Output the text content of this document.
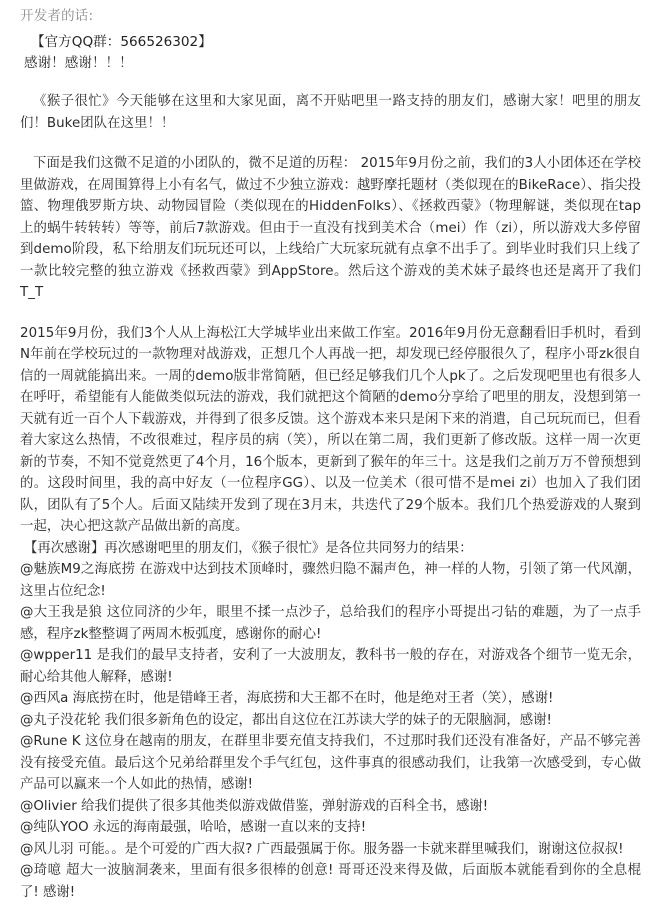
开发者的话:

【官方QQ群：566526302】

感谢！感谢！！！

《猴子很忙》今天能够在这里和大家见面，离不开贴吧里一路支持的朋友们，感谢大家！吧里的朋友们！Buke团队在这里！！

下面是我们这微不足道的小团队的，微不足道的历程： 2015年9月份之前，我们的3人小团体还在学校里做游戏，在周围算得上小有名气，做过不少独立游戏：越野摩托题材（类似现在的BikeRace）、指尖投篮、物理俄罗斯方块、动物园冒险（类似现在的HiddenFolks）、《拯救西蒙》（物理解谜，类似现在tap上的蜗牛转转转）等等，前后7款游戏。但由于一直没有找到美术合（mei）作（zi），所以游戏大多停留到demo阶段，私下给朋友们玩玩还可以，上线给广大玩家玩就有点拿不出手了。到毕业时我们只上线了一款比较完整的独立游戏《拯救西蒙》到AppStore。然后这个游戏的美术妹子最终也还是离开了我们 T_T

2015年9月份，我们3个人从上海松江大学城毕业出来做工作室。2016年9月份无意翻看旧手机时，看到N年前在学校玩过的一款物理对战游戏，正想几个人再战一把，却发现已经停服很久了，程序小哥zk很自信的一周就能搞出来。一周的demo版非常简陋，但已经足够我们几个人pk了。之后发现吧里也有很多人在呼吁，希望能有人能做类似玩法的游戏，我们就把这个简陋的demo分享给了吧里的朋友，没想到第一天就有近一百个人下载游戏，并得到了很多反馈。这个游戏本来只是闲下来的消遣，自己玩玩而已，但看着大家这么热情，不改很难过，程序员的病（笑），所以在第二周，我们更新了修改版。这样一周一次更新的节奏，不知不觉竟然更了4个月，16个版本，更新到了猴年的年三十。这是我们之前万万不曾预想到的。这段时间里，我的高中好友（一位程序GG）、以及一位美术（很可惜不是mei zi）也加入了我们团队，团队有了5个人。后面又陆续开发到了现在3月末，共迭代了29个版本。我们几个热爱游戏的人聚到一起，决心把这款产品做出新的高度。

【再次感谢】再次感谢吧里的朋友们，《猴子很忙》是各位共同努力的结果：

@魅族M9之海底捞 在游戏中达到技术顶峰时，骤然归隐不漏声色，神一样的人物，引领了第一代风潮，这里占位纪念!
@大王我是狼 这位同济的少年，眼里不揉一点沙子，总给我们的程序小哥提出刁钻的难题，为了一点手感，程序zk整整调了两周木板弧度，感谢你的耐心!
@wpper11 是我们的最早支持者，安利了一大波朋友，教科书一般的存在，对游戏各个细节一览无余，耐心给其他人解释，感谢!
@西风a 海底捞在时，他是错峰王者，海底捞和大王都不在时，他是绝对王者（笑），感谢!
@丸子没花轮 我们很多新角色的设定，都出自这位在江苏读大学的妹子的无限脑洞，感谢!
@Rune K 这位身在越南的朋友，在群里非要充值支持我们，不过那时我们还没有准备好，产品不够完善没有接受充值。最后这个兄弟给群里发个手气红包，这件事真的很感动我们，让我第一次感受到，专心做产品可以赢来一个人如此的热情，感谢!
@Olivier 给我们提供了很多其他类似游戏做借鉴，弹射游戏的百科全书，感谢!
@纯队YOO 永远的海南最强，哈哈，感谢一直以来的支持!
@风儿羽 可能。。是个可爱的广西大叔? 广西最强属于你。服务器一卡就来群里喊我们，谢谢这位叔叔!
@琦噫 超大一波脑洞袭来，里面有很多很棒的创意! 哥哥还没来得及做，后面版本就能看到你的全息棍了! 感谢!
